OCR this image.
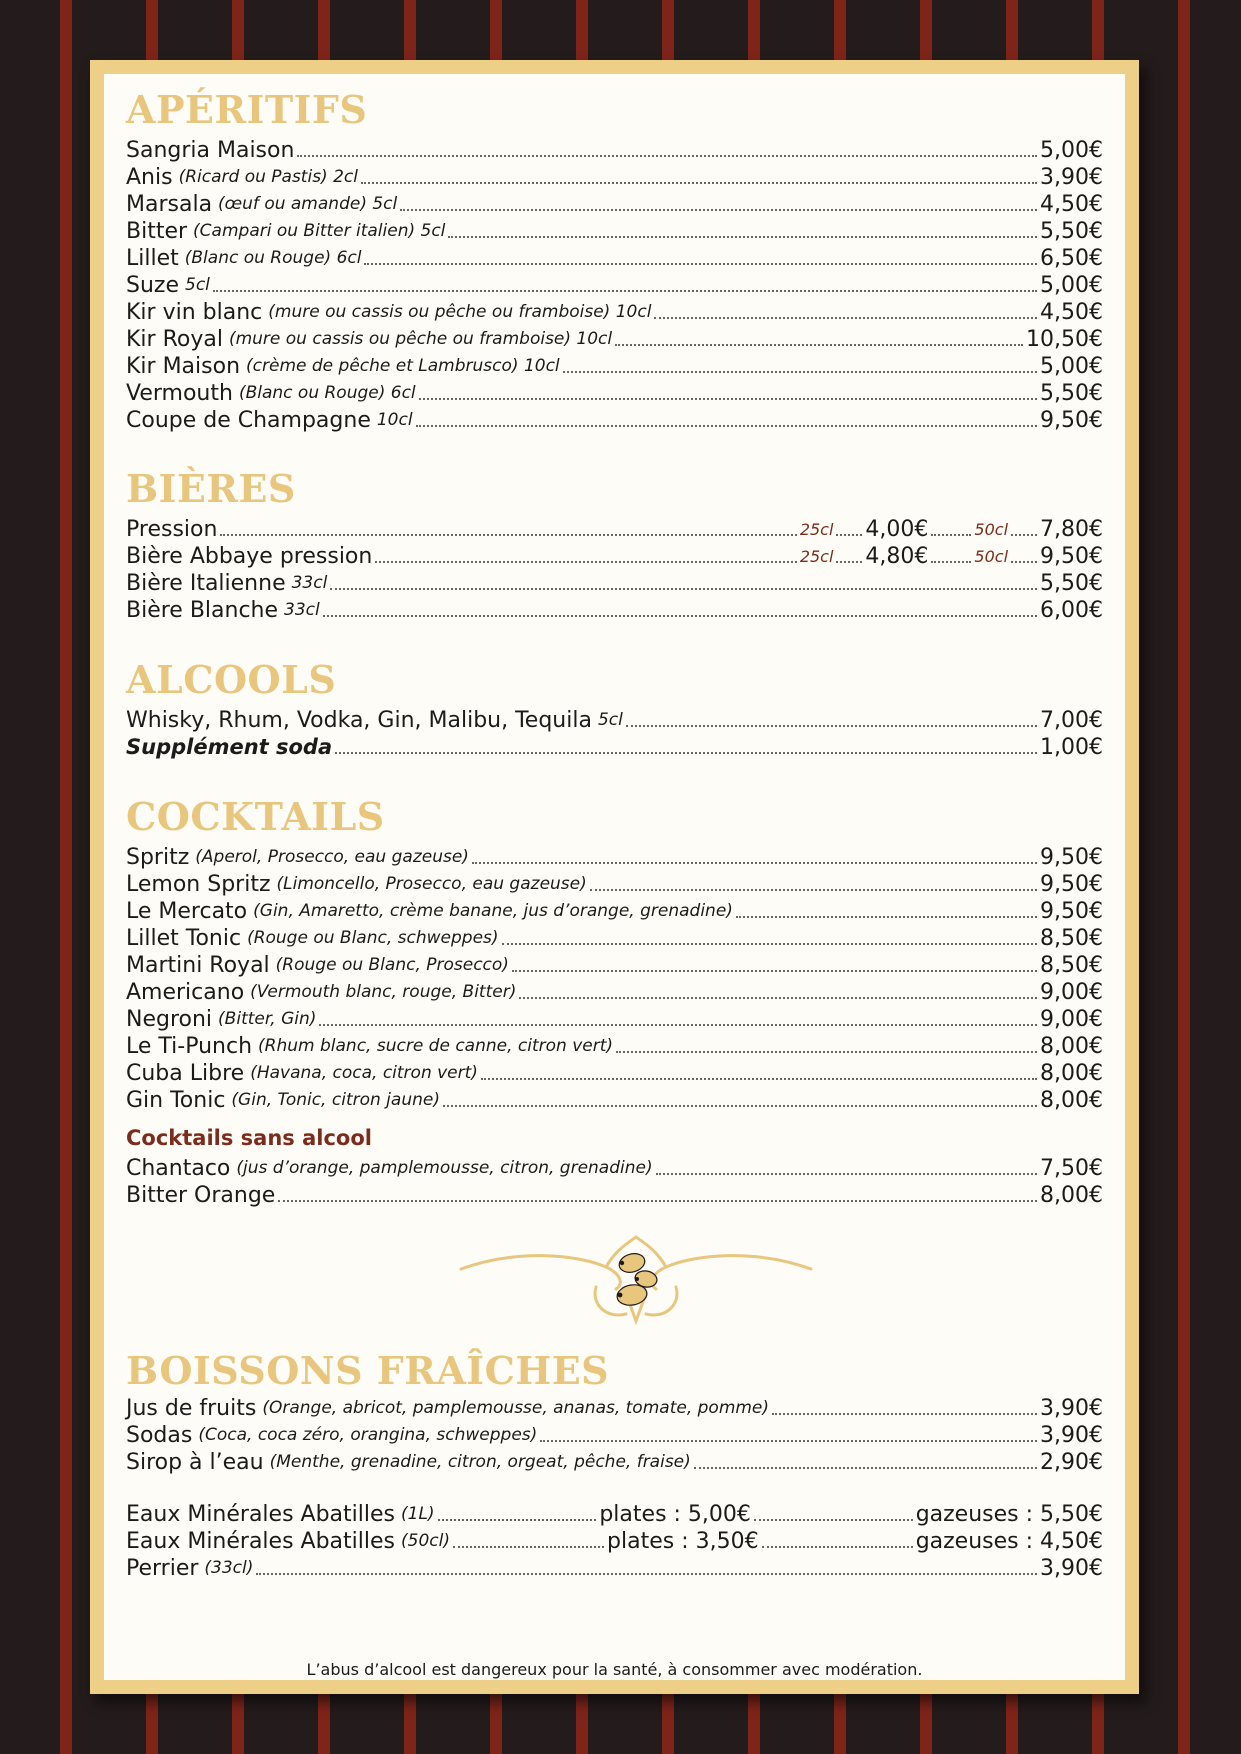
APÉRITIFS
Sangria Maison	5,00€
Anis (Ricard ou Pastis) 2cl	3,90€
Marsala (œuf ou amande) 5cl	4,50€
Bitter (Campari ou Bitter italien) 5cl	5,50€
Lillet (Blanc ou Rouge) 6cl	6,50€
Suze 5cl	5,00€
Kir vin blanc (mure ou cassis ou pêche ou framboise) 10cl	4,50€
Kir Royal (mure ou cassis ou pêche ou framboise) 10cl	10,50€
Kir Maison (crème de pêche et Lambrusco) 10cl	5,00€
Vermouth (Blanc ou Rouge) 6cl	5,50€
Coupe de Champagne 10cl	9,50€
BIÈRES
Pression	25cl 4,00€	50cl 7,80€
Bière Abbaye pression	25cl 4,80€	50cl 9,50€
Bière Italienne 33cl	5,50€
Bière Blanche 33cl	6,00€
ALCOOLS
Whisky, Rhum, Vodka, Gin, Malibu, Tequila 5cl	7,00€
Supplément soda	1,00€
COCKTAILS
Spritz (Aperol, Prosecco, eau gazeuse)	9,50€
Lemon Spritz (Limoncello, Prosecco, eau gazeuse)	9,50€
Le Mercato (Gin, Amaretto, crème banane, jus d’orange, grenadine)	9,50€
Lillet Tonic (Rouge ou Blanc, schweppes)	8,50€
Martini Royal (Rouge ou Blanc, Prosecco)	8,50€
Americano (Vermouth blanc, rouge, Bitter)	9,00€
Negroni (Bitter, Gin)	9,00€
Le Ti-Punch (Rhum blanc, sucre de canne, citron vert)	8,00€
Cuba Libre (Havana, coca, citron vert)	8,00€
Gin Tonic (Gin, Tonic, citron jaune)	8,00€
Cocktails sans alcool
Chantaco (jus d’orange, pamplemousse, citron, grenadine)	7,50€
Bitter Orange	8,00€
BOISSONS FRAÎCHES
Jus de fruits (Orange, abricot, pamplemousse, ananas, tomate, pomme)	3,90€
Sodas (Coca, coca zéro, orangina, schweppes)	3,90€
Sirop à l’eau (Menthe, grenadine, citron, orgeat, pêche, fraise)	2,90€
Eaux Minérales Abatilles (1L)	plates : 5,00€	gazeuses : 5,50€
Eaux Minérales Abatilles (50cl)	plates : 3,50€	gazeuses : 4,50€
Perrier (33cl)	3,90€
L’abus d’alcool est dangereux pour la santé, à consommer avec modération.
